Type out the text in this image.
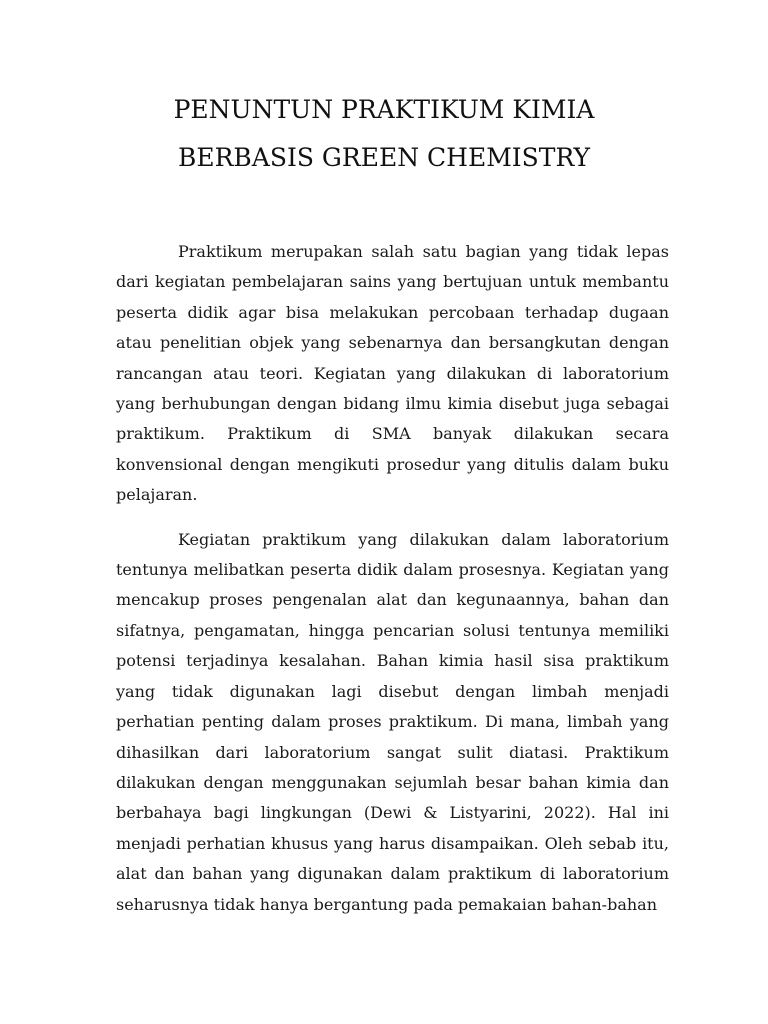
PENUNTUN PRAKTIKUM KIMIA
BERBASIS GREEN CHEMISTRY

Praktikum merupakan salah satu bagian yang tidak lepas dari kegiatan pembelajaran sains yang bertujuan untuk membantu peserta didik agar bisa melakukan percobaan terhadap dugaan atau penelitian objek yang sebenarnya dan bersangkutan dengan rancangan atau teori. Kegiatan yang dilakukan di laboratorium yang berhubungan dengan bidang ilmu kimia disebut juga sebagai praktikum. Praktikum di SMA banyak dilakukan secara konvensional dengan mengikuti prosedur yang ditulis dalam buku pelajaran.

Kegiatan praktikum yang dilakukan dalam laboratorium tentunya melibatkan peserta didik dalam prosesnya. Kegiatan yang mencakup proses pengenalan alat dan kegunaannya, bahan dan sifatnya, pengamatan, hingga pencarian solusi tentunya memiliki potensi terjadinya kesalahan. Bahan kimia hasil sisa praktikum yang tidak digunakan lagi disebut dengan limbah menjadi perhatian penting dalam proses praktikum. Di mana, limbah yang dihasilkan dari laboratorium sangat sulit diatasi. Praktikum dilakukan dengan menggunakan sejumlah besar bahan kimia dan berbahaya bagi lingkungan (Dewi & Listyarini, 2022). Hal ini menjadi perhatian khusus yang harus disampaikan. Oleh sebab itu, alat dan bahan yang digunakan dalam praktikum di laboratorium seharusnya tidak hanya bergantung pada pemakaian bahan-bahan
